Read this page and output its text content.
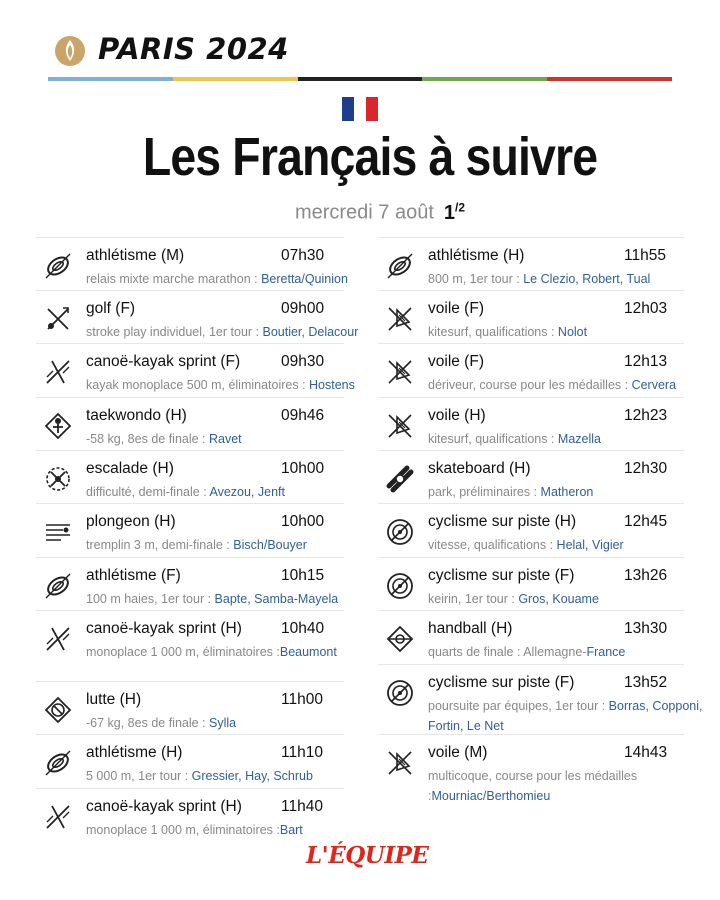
PARIS 2024
Les Français à suivre
mercredi 7 août $1^{/2}$
athlétisme (M)	07h30
relais mixte marche marathon : Beretta/Quinion
golf (F)	09h00
stroke play individuel, 1er tour : Boutier, Delacour
canoë-kayak sprint (F)	09h30
kayak monoplace 500 m, éliminatoires : Hostens
taekwondo (H)	09h46
-58 kg, 8es de finale : Ravet
escalade (H)	10h00
difficulté, demi-finale : Avezou, Jenft
plongeon (H)	10h00
tremplin 3 m, demi-finale : Bisch/Bouyer
athlétisme (F)	10h15
100 m haies, 1er tour : Bapte, Samba-Mayela
canoë-kayak sprint (H)	10h40
monoplace 1 000 m, éliminatoires :Beaumont
lutte (H)	11h00
-67 kg, 8es de finale : Sylla
athlétisme (H)	11h10
5 000 m, 1er tour : Gressier, Hay, Schrub
canoë-kayak sprint (H)	11h40
monoplace 1 000 m, éliminatoires :Bart
athlétisme (H)	11h55
800 m, 1er tour : Le Clezio, Robert, Tual
voile (F)	12h03
kitesurf, qualifications : Nolot
voile (F)	12h13
dériveur, course pour les médailles : Cervera
voile (H)	12h23
kitesurf, qualifications : Mazella
skateboard (H)	12h30
park, préliminaires : Matheron
cyclisme sur piste (H)	12h45
vitesse, qualifications : Helal, Vigier
cyclisme sur piste (F)	13h26
keirin, 1er tour : Gros, Kouame
handball (H)	13h30
quarts de finale : Allemagne-France
cyclisme sur piste (F)	13h52
poursuite par équipes, 1er tour : Borras, Copponi, Fortin, Le Net
voile (M)	14h43
multicoque, course pour les médailles :Mourniac/Berthomieu
L'ÉQUIPE
